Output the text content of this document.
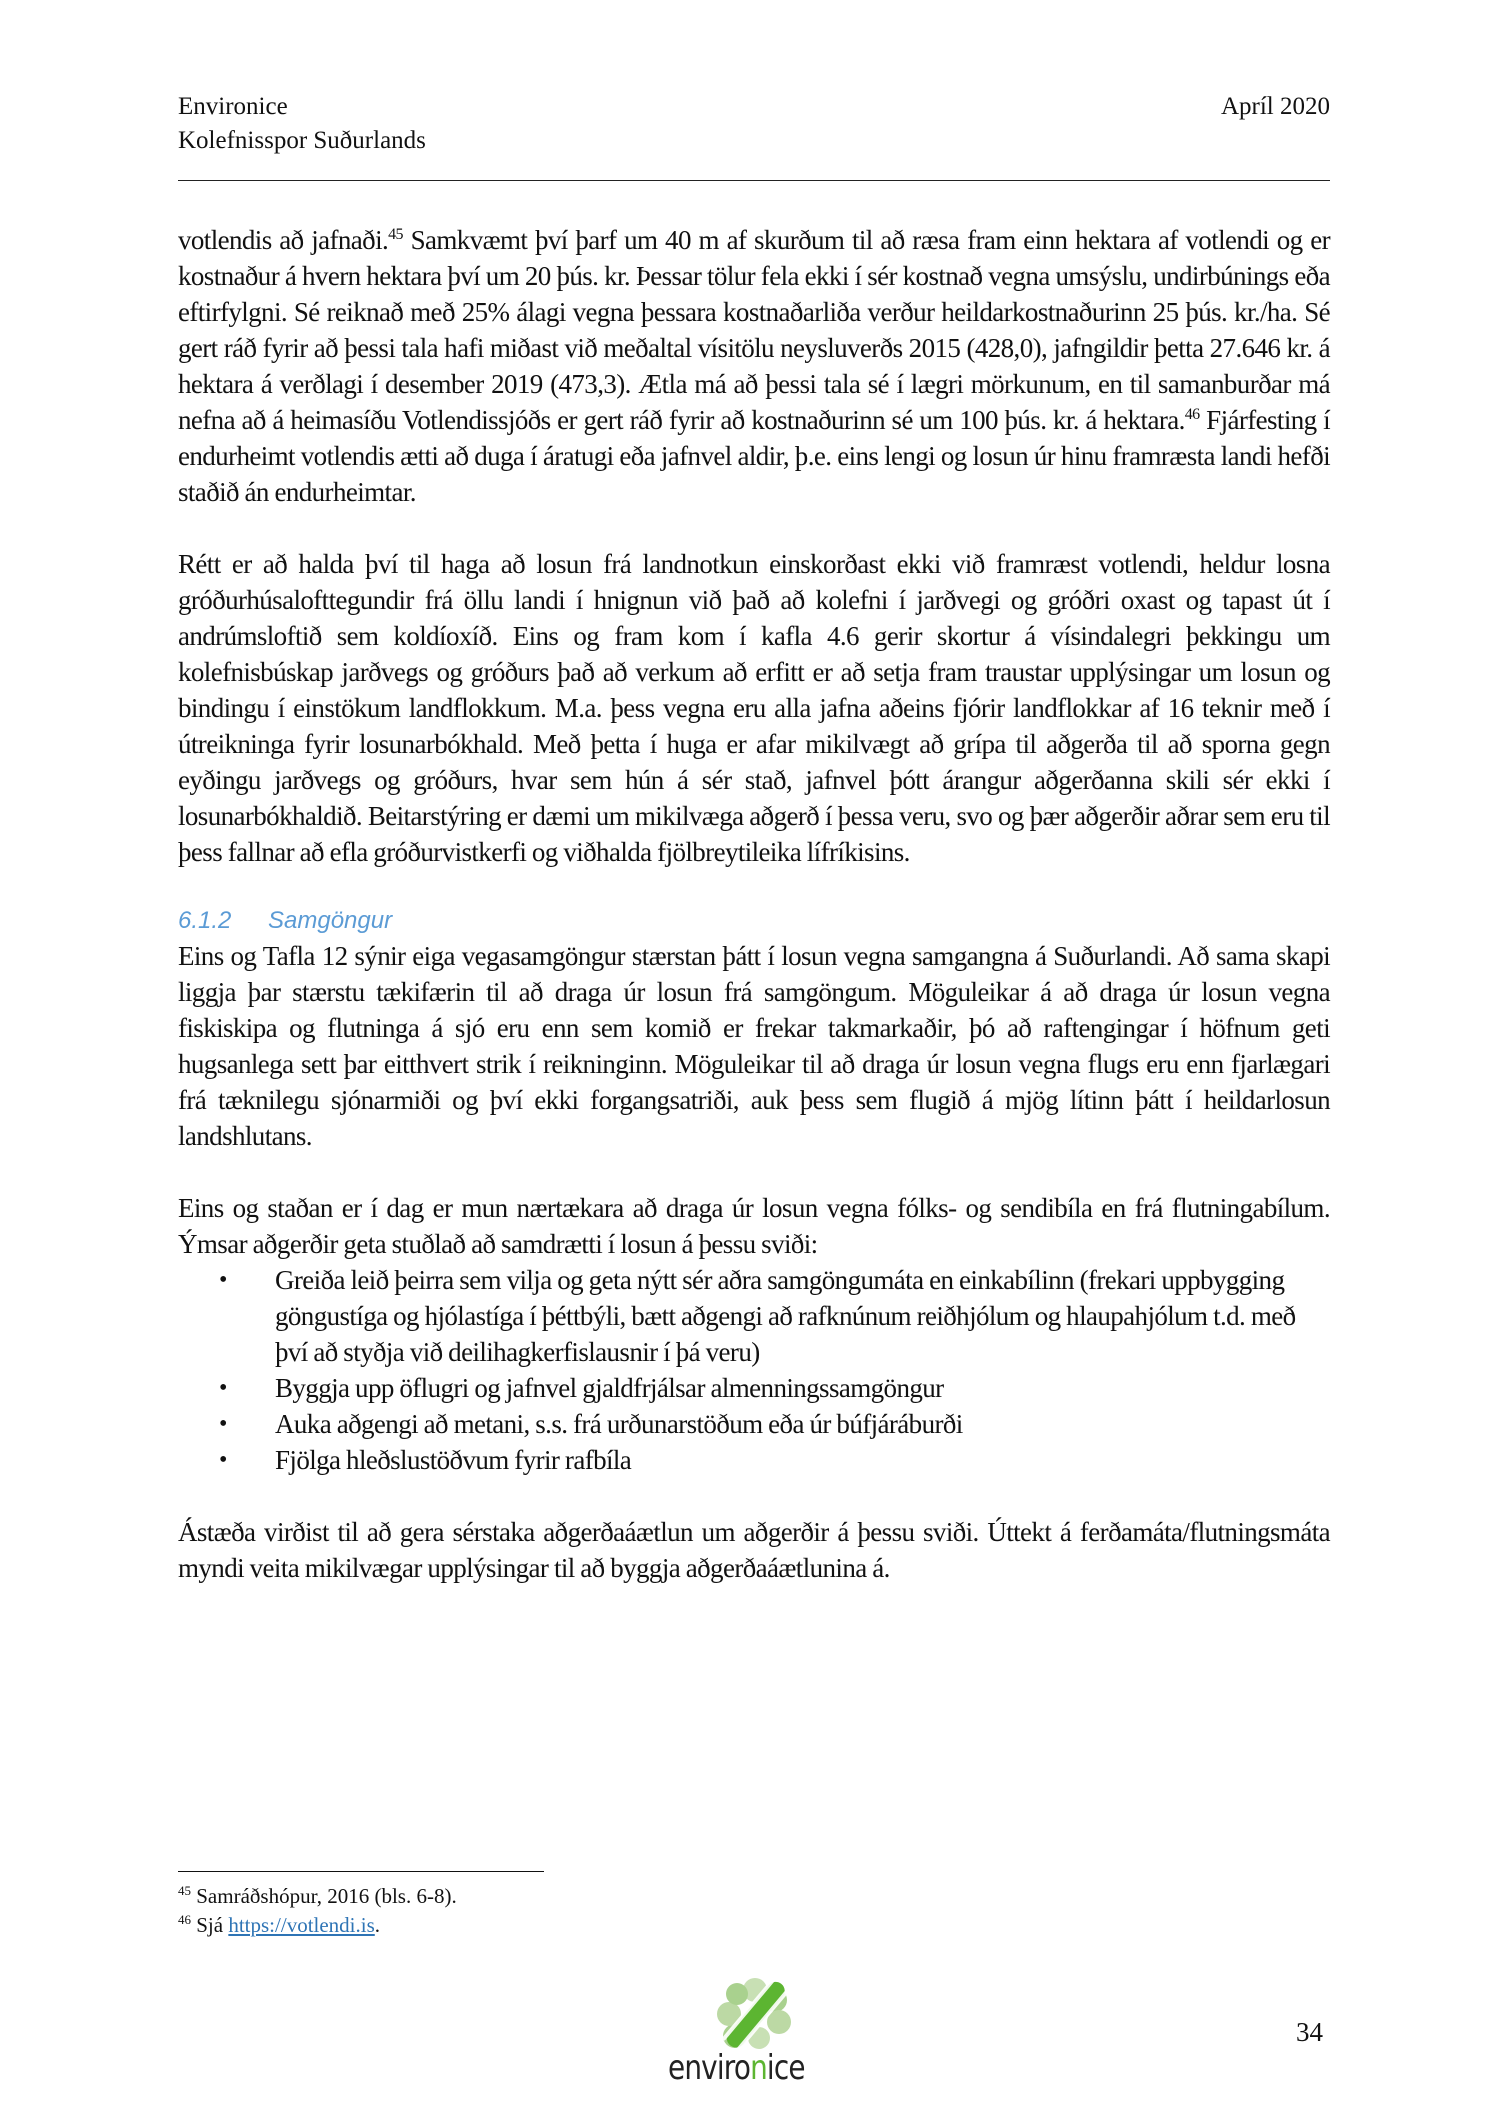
Environice
Kolefnisspor Suðurlands
Apríl 2020

votlendis að jafnaði.$^{45}$ Samkvæmt því þarf um 40 m af skurðum til að ræsa fram einn hektara af votlendi og er kostnaður á hvern hektara því um 20 þús. kr. Þessar tölur fela ekki í sér kostnað vegna umsýslu, undirbúnings eða eftirfylgni. Sé reiknað með 25% álagi vegna þessara kostnaðarliða verður heildarkostnaðurinn 25 þús. kr./ha. Sé gert ráð fyrir að þessi tala hafi miðast við meðaltal vísitölu neysluverðs 2015 (428,0), jafngildir þetta 27.646 kr. á hektara á verðlagi í desember 2019 (473,3). Ætla má að þessi tala sé í lægri mörkunum, en til samanburðar má nefna að á heimasíðu Votlendissjóðs er gert ráð fyrir að kostnaðurinn sé um 100 þús. kr. á hektara.$^{46}$ Fjárfesting í endurheimt votlendis ætti að duga í áratugi eða jafnvel aldir, þ.e. eins lengi og losun úr hinu framræsta landi hefði staðið án endurheimtar.

Rétt er að halda því til haga að losun frá landnotkun einskorðast ekki við framræst votlendi, heldur losna gróðurhúsalofttegundir frá öllu landi í hnignun við það að kolefni í jarðvegi og gróðri oxast og tapast út í andrúmsloftið sem koldíoxíð. Eins og fram kom í kafla 4.6 gerir skortur á vísindalegri þekkingu um kolefnisbúskap jarðvegs og gróðurs það að verkum að erfitt er að setja fram traustar upplýsingar um losun og bindingu í einstökum landflokkum. M.a. þess vegna eru alla jafna aðeins fjórir landflokkar af 16 teknir með í útreikninga fyrir losunarbókhald. Með þetta í huga er afar mikilvægt að grípa til aðgerða til að sporna gegn eyðingu jarðvegs og gróðurs, hvar sem hún á sér stað, jafnvel þótt árangur aðgerðanna skili sér ekki í losunarbókhaldið. Beitarstýring er dæmi um mikilvæga aðgerð í þessa veru, svo og þær aðgerðir aðrar sem eru til þess fallnar að efla gróðurvistkerfi og viðhalda fjölbreytileika lífríkisins.

6.1.2 Samgöngur

Eins og Tafla 12 sýnir eiga vegasamgöngur stærstan þátt í losun vegna samgangna á Suðurlandi. Að sama skapi liggja þar stærstu tækifærin til að draga úr losun frá samgöngum. Möguleikar á að draga úr losun vegna fiskiskipa og flutninga á sjó eru enn sem komið er frekar takmarkaðir, þó að raftengingar í höfnum geti hugsanlega sett þar eitthvert strik í reikninginn. Möguleikar til að draga úr losun vegna flugs eru enn fjarlægari frá tæknilegu sjónarmiði og því ekki forgangsatriði, auk þess sem flugið á mjög lítinn þátt í heildarlosun landshlutans.

Eins og staðan er í dag er mun nærtækara að draga úr losun vegna fólks- og sendibíla en frá flutningabílum. Ýmsar aðgerðir geta stuðlað að samdrætti í losun á þessu sviði:

• Greiða leið þeirra sem vilja og geta nýtt sér aðra samgöngumáta en einkabílinn (frekari uppbygging göngustíga og hjólastíga í þéttbýli, bætt aðgengi að rafknúnum reiðhjólum og hlaupahjólum t.d. með því að styðja við deilihagkerfislausnir í þá veru)
• Byggja upp öflugri og jafnvel gjaldfrjálsar almenningssamgöngur
• Auka aðgengi að metani, s.s. frá urðunarstöðum eða úr búfjáráburði
• Fjölga hleðslustöðvum fyrir rafbíla

Ástæða virðist til að gera sérstaka aðgerðaáætlun um aðgerðir á þessu sviði. Úttekt á ferðamáta/flutningsmáta myndi veita mikilvægar upplýsingar til að byggja aðgerðaáætlunina á.

$^{45}$ Samráðshópur, 2016 (bls. 6-8).
$^{46}$ Sjá https://votlendi.is.
environice
34
